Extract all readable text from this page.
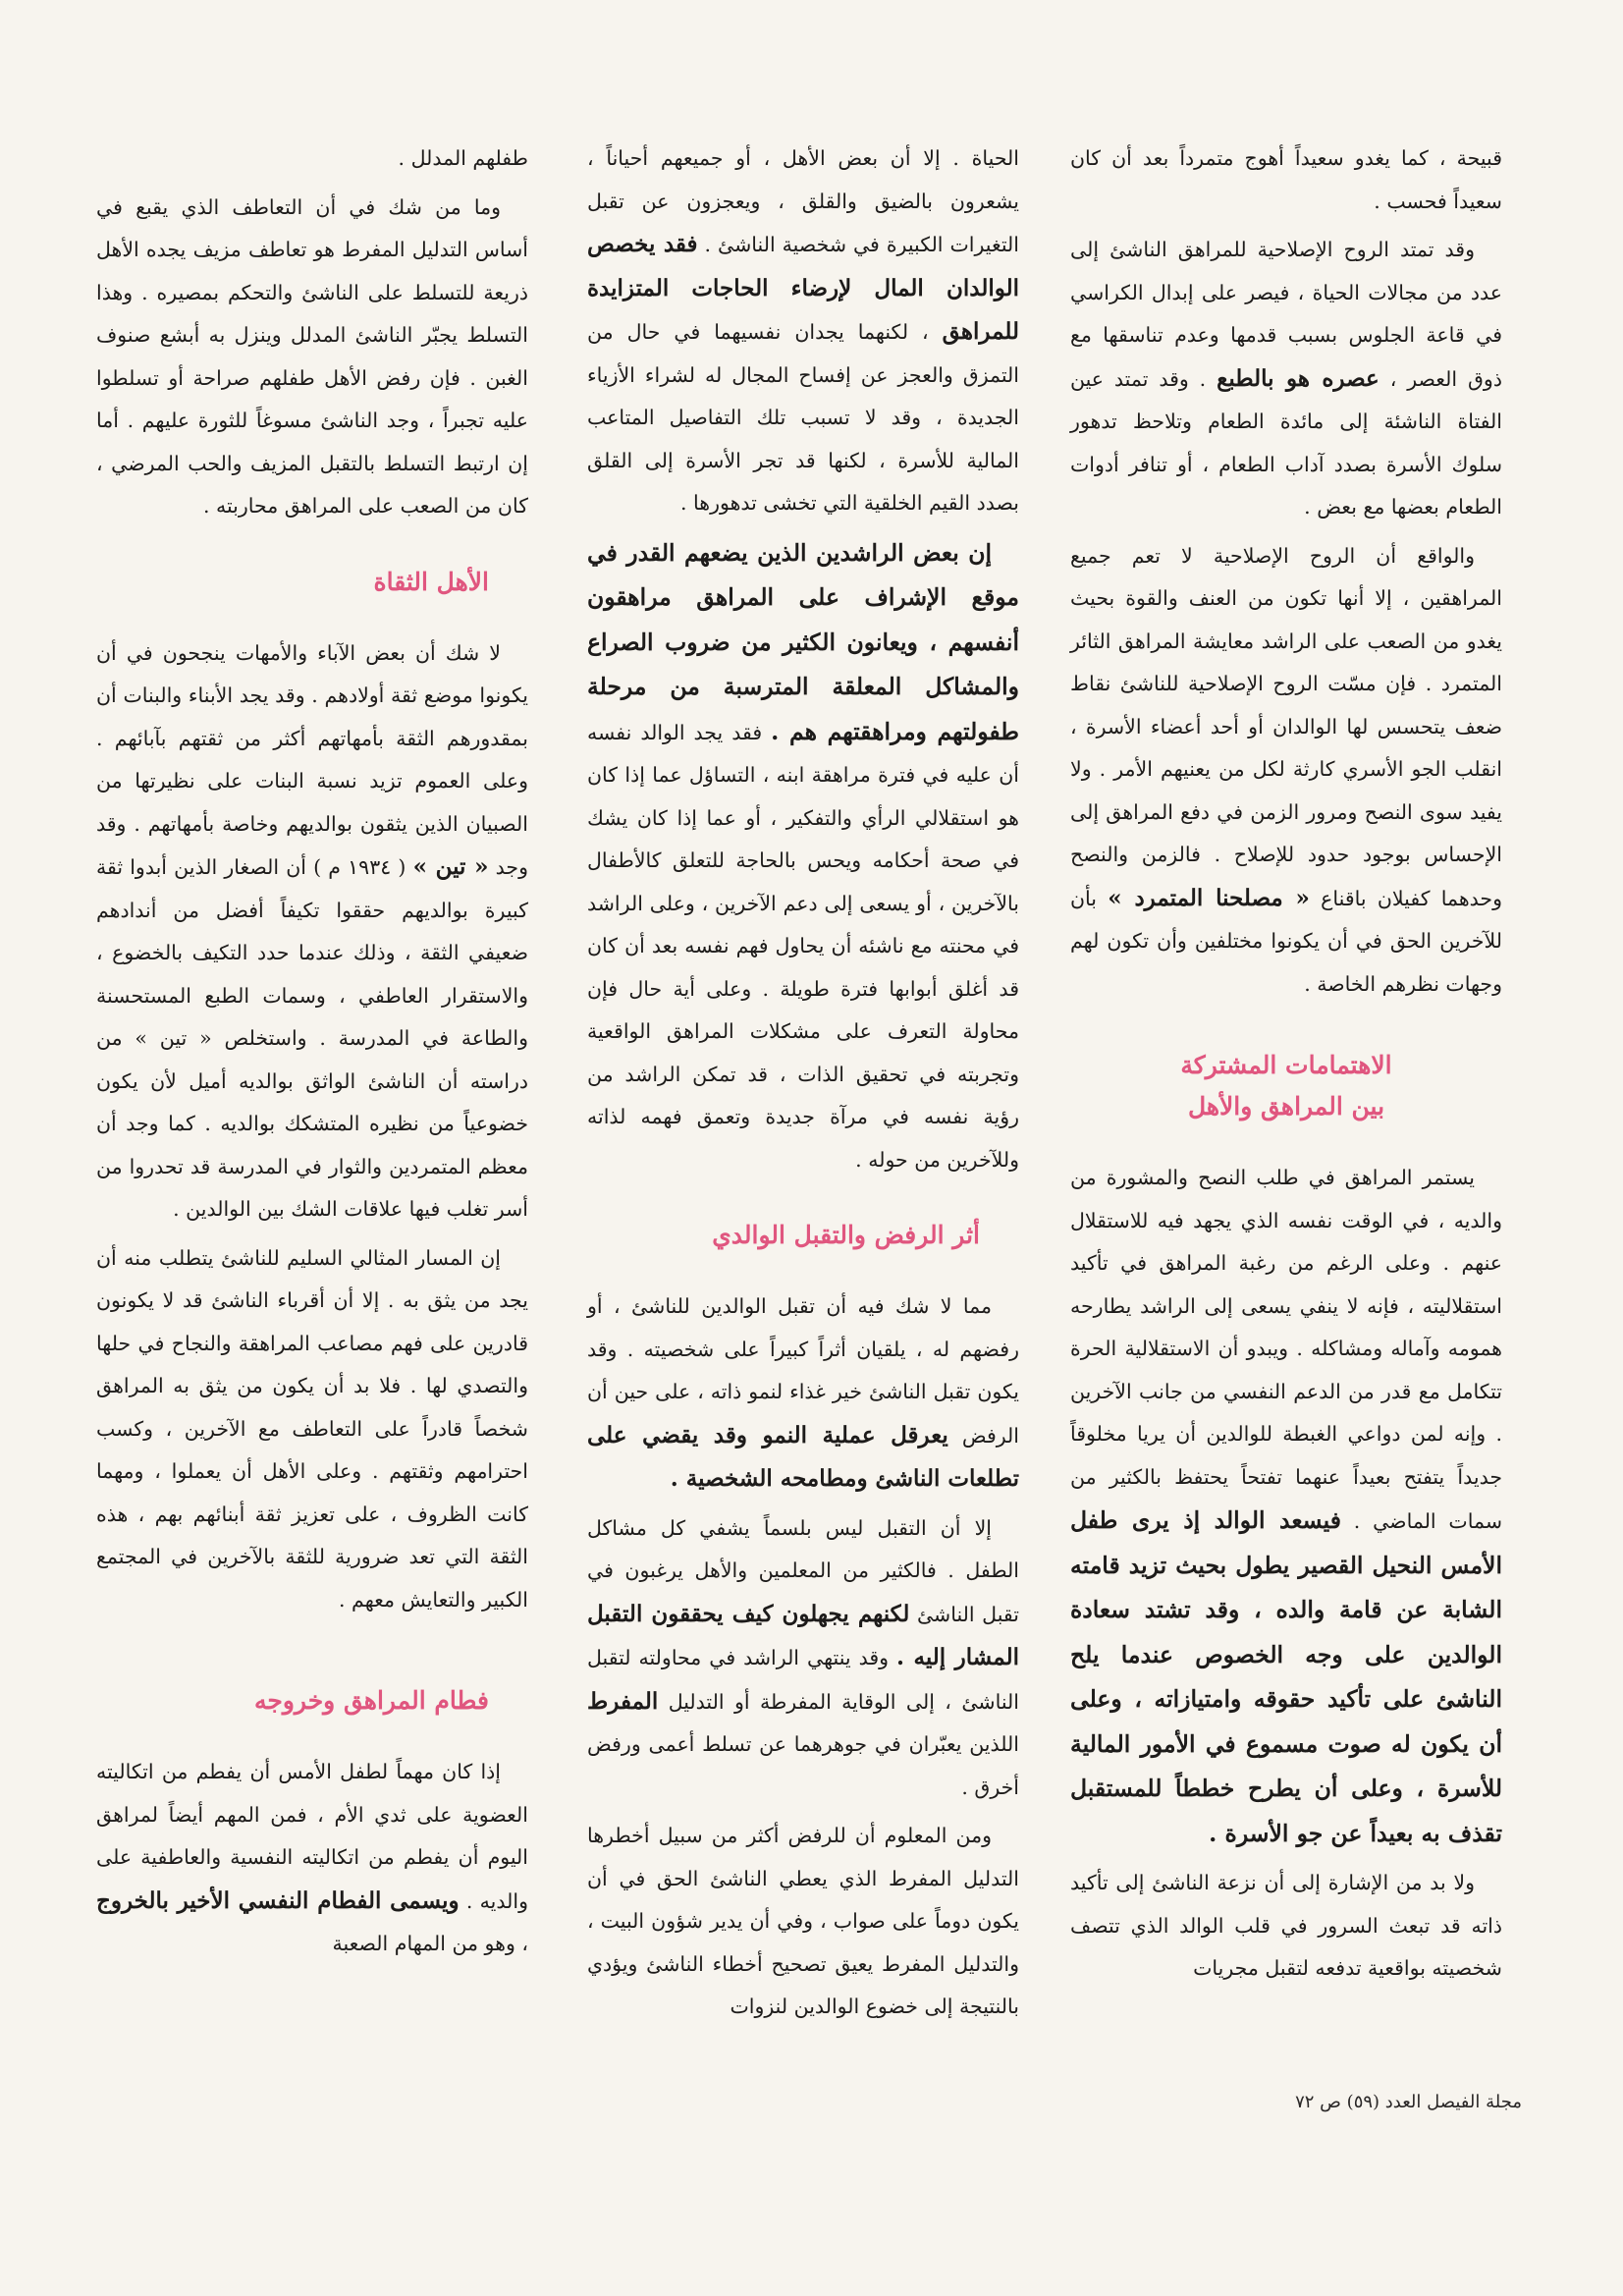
قبيحة ، كما يغدو سعيداً أهوج متمرداً بعد أن كان سعيداً فحسب .

وقد تمتد الروح الإصلاحية للمراهق الناشئ إلى عدد من مجالات الحياة ، فيصر على إبدال الكراسي في قاعة الجلوس بسبب قدمها وعدم تناسقها مع ذوق العصر ، عصره هو بالطبع . وقد تمتد عين الفتاة الناشئة إلى مائدة الطعام وتلاحظ تدهور سلوك الأسرة بصدد آداب الطعام ، أو تنافر أدوات الطعام بعضها مع بعض .

والواقع أن الروح الإصلاحية لا تعم جميع المراهقين ، إلا أنها تكون من العنف والقوة بحيث يغدو من الصعب على الراشد معايشة المراهق الثائر المتمرد . فإن مسّت الروح الإصلاحية للناشئ نقاط ضعف يتحسس لها الوالدان أو أحد أعضاء الأسرة ، انقلب الجو الأسري كارثة لكل من يعنيهم الأمر . ولا يفيد سوى النصح ومرور الزمن في دفع المراهق إلى الإحساس بوجود حدود للإصلاح . فالزمن والنصح وحدهما كفيلان باقناع « مصلحنا المتمرد » بأن للآخرين الحق في أن يكونوا مختلفين وأن تكون لهم وجهات نظرهم الخاصة .

الاهتمامات المشتركة
بين المراهق والأهل

يستمر المراهق في طلب النصح والمشورة من والديه ، في الوقت نفسه الذي يجهد فيه للاستقلال عنهم . وعلى الرغم من رغبة المراهق في تأكيد استقلاليته ، فإنه لا ينفي يسعى إلى الراشد يطارحه همومه وآماله ومشاكله . ويبدو أن الاستقلالية الحرة تتكامل مع قدر من الدعم النفسي من جانب الآخرين . وإنه لمن دواعي الغبطة للوالدين أن يريا مخلوقاً جديداً يتفتح بعيداً عنهما تفتحاً يحتفظ بالكثير من سمات الماضي . فيسعد الوالد إذ يرى طفل الأمس النحيل القصير يطول بحيث تزيد قامته الشابة عن قامة والده ، وقد تشتد سعادة الوالدين على وجه الخصوص عندما يلح الناشئ على تأكيد حقوقه وامتيازاته ، وعلى أن يكون له صوت مسموع في الأمور المالية للأسرة ، وعلى أن يطرح خططاً للمستقبل تقذف به بعيداً عن جو الأسرة .

ولا بد من الإشارة إلى أن نزعة الناشئ إلى تأكيد ذاته قد تبعث السرور في قلب الوالد الذي تتصف شخصيته بواقعية تدفعه لتقبل مجريات

الحياة . إلا أن بعض الأهل ، أو جميعهم أحياناً ، يشعرون بالضيق والقلق ، ويعجزون عن تقبل التغيرات الكبيرة في شخصية الناشئ . فقد يخصص الوالدان المال لإرضاء الحاجات المتزايدة للمراهق ، لكنهما يجدان نفسيهما في حال من التمزق والعجز عن إفساح المجال له لشراء الأزياء الجديدة ، وقد لا تسبب تلك التفاصيل المتاعب المالية للأسرة ، لكنها قد تجر الأسرة إلى القلق بصدد القيم الخلقية التي تخشى تدهورها .

إن بعض الراشدين الذين يضعهم القدر في موقع الإشراف على المراهق مراهقون أنفسهم ، ويعانون الكثير من ضروب الصراع والمشاكل المعلقة المترسبة من مرحلة طفولتهم ومراهقتهم هم . فقد يجد الوالد نفسه أن عليه في فترة مراهقة ابنه ، التساؤل عما إذا كان هو استقلالي الرأي والتفكير ، أو عما إذا كان يشك في صحة أحكامه ويحس بالحاجة للتعلق كالأطفال بالآخرين ، أو يسعى إلى دعم الآخرين ، وعلى الراشد في محنته مع ناشئه أن يحاول فهم نفسه بعد أن كان قد أغلق أبوابها فترة طويلة . وعلى أية حال فإن محاولة التعرف على مشكلات المراهق الواقعية وتجربته في تحقيق الذات ، قد تمكن الراشد من رؤية نفسه في مرآة جديدة وتعمق فهمه لذاته وللآخرين من حوله .

أثر الرفض والتقبل الوالدي

مما لا شك فيه أن تقبل الوالدين للناشئ ، أو رفضهم له ، يلقيان أثراً كبيراً على شخصيته . وقد يكون تقبل الناشئ خير غذاء لنمو ذاته ، على حين أن الرفض يعرقل عملية النمو وقد يقضي على تطلعات الناشئ ومطامحه الشخصية .

إلا أن التقبل ليس بلسماً يشفي كل مشاكل الطفل . فالكثير من المعلمين والأهل يرغبون في تقبل الناشئ لكنهم يجهلون كيف يحققون التقبل المشار إليه . وقد ينتهي الراشد في محاولته لتقبل الناشئ ، إلى الوقاية المفرطة أو التدليل المفرط اللذين يعبّران في جوهرهما عن تسلط أعمى ورفض أخرق .

ومن المعلوم أن للرفض أكثر من سبيل أخطرها التدليل المفرط الذي يعطي الناشئ الحق في أن يكون دوماً على صواب ، وفي أن يدير شؤون البيت ، والتدليل المفرط يعيق تصحيح أخطاء الناشئ ويؤدي بالنتيجة إلى خضوع الوالدين لنزوات

طفلهم المدلل .

وما من شك في أن التعاطف الذي يقبع في أساس التدليل المفرط هو تعاطف مزيف يجده الأهل ذريعة للتسلط على الناشئ والتحكم بمصيره . وهذا التسلط يجبّر الناشئ المدلل وينزل به أبشع صنوف الغبن . فإن رفض الأهل طفلهم صراحة أو تسلطوا عليه تجبراً ، وجد الناشئ مسوغاً للثورة عليهم . أما إن ارتبط التسلط بالتقبل المزيف والحب المرضي ، كان من الصعب على المراهق محاربته .

الأهل الثقاة

لا شك أن بعض الآباء والأمهات ينجحون في أن يكونوا موضع ثقة أولادهم . وقد يجد الأبناء والبنات أن بمقدورهم الثقة بأمهاتهم أكثر من ثقتهم بآبائهم . وعلى العموم تزيد نسبة البنات على نظيرتها من الصبيان الذين يثقون بوالديهم وخاصة بأمهاتهم . وقد وجد « تين » ( ١٩٣٤ م ) أن الصغار الذين أبدوا ثقة كبيرة بوالديهم حققوا تكيفاً أفضل من أندادهم ضعيفي الثقة ، وذلك عندما حدد التكيف بالخضوع ، والاستقرار العاطفي ، وسمات الطبع المستحسنة والطاعة في المدرسة . واستخلص « تين » من دراسته أن الناشئ الواثق بوالديه أميل لأن يكون خضوعياً من نظيره المتشكك بوالديه . كما وجد أن معظم المتمردين والثوار في المدرسة قد تحدروا من أسر تغلب فيها علاقات الشك بين الوالدين .

إن المسار المثالي السليم للناشئ يتطلب منه أن يجد من يثق به . إلا أن أقرباء الناشئ قد لا يكونون قادرين على فهم مصاعب المراهقة والنجاح في حلها والتصدي لها . فلا بد أن يكون من يثق به المراهق شخصاً قادراً على التعاطف مع الآخرين ، وكسب احترامهم وثقتهم . وعلى الأهل أن يعملوا ، ومهما كانت الظروف ، على تعزيز ثقة أبنائهم بهم ، هذه الثقة التي تعد ضرورية للثقة بالآخرين في المجتمع الكبير والتعايش معهم .

فطام المراهق وخروجه

إذا كان مهماً لطفل الأمس أن يفطم من اتكاليته العضوية على ثدي الأم ، فمن المهم أيضاً لمراهق اليوم أن يفطم من اتكاليته النفسية والعاطفية على والديه . ويسمى الفطام النفسي الأخير بالخروج ، وهو من المهام الصعبة

مجلة الفيصل العدد (٥٩) ص ٧٢
